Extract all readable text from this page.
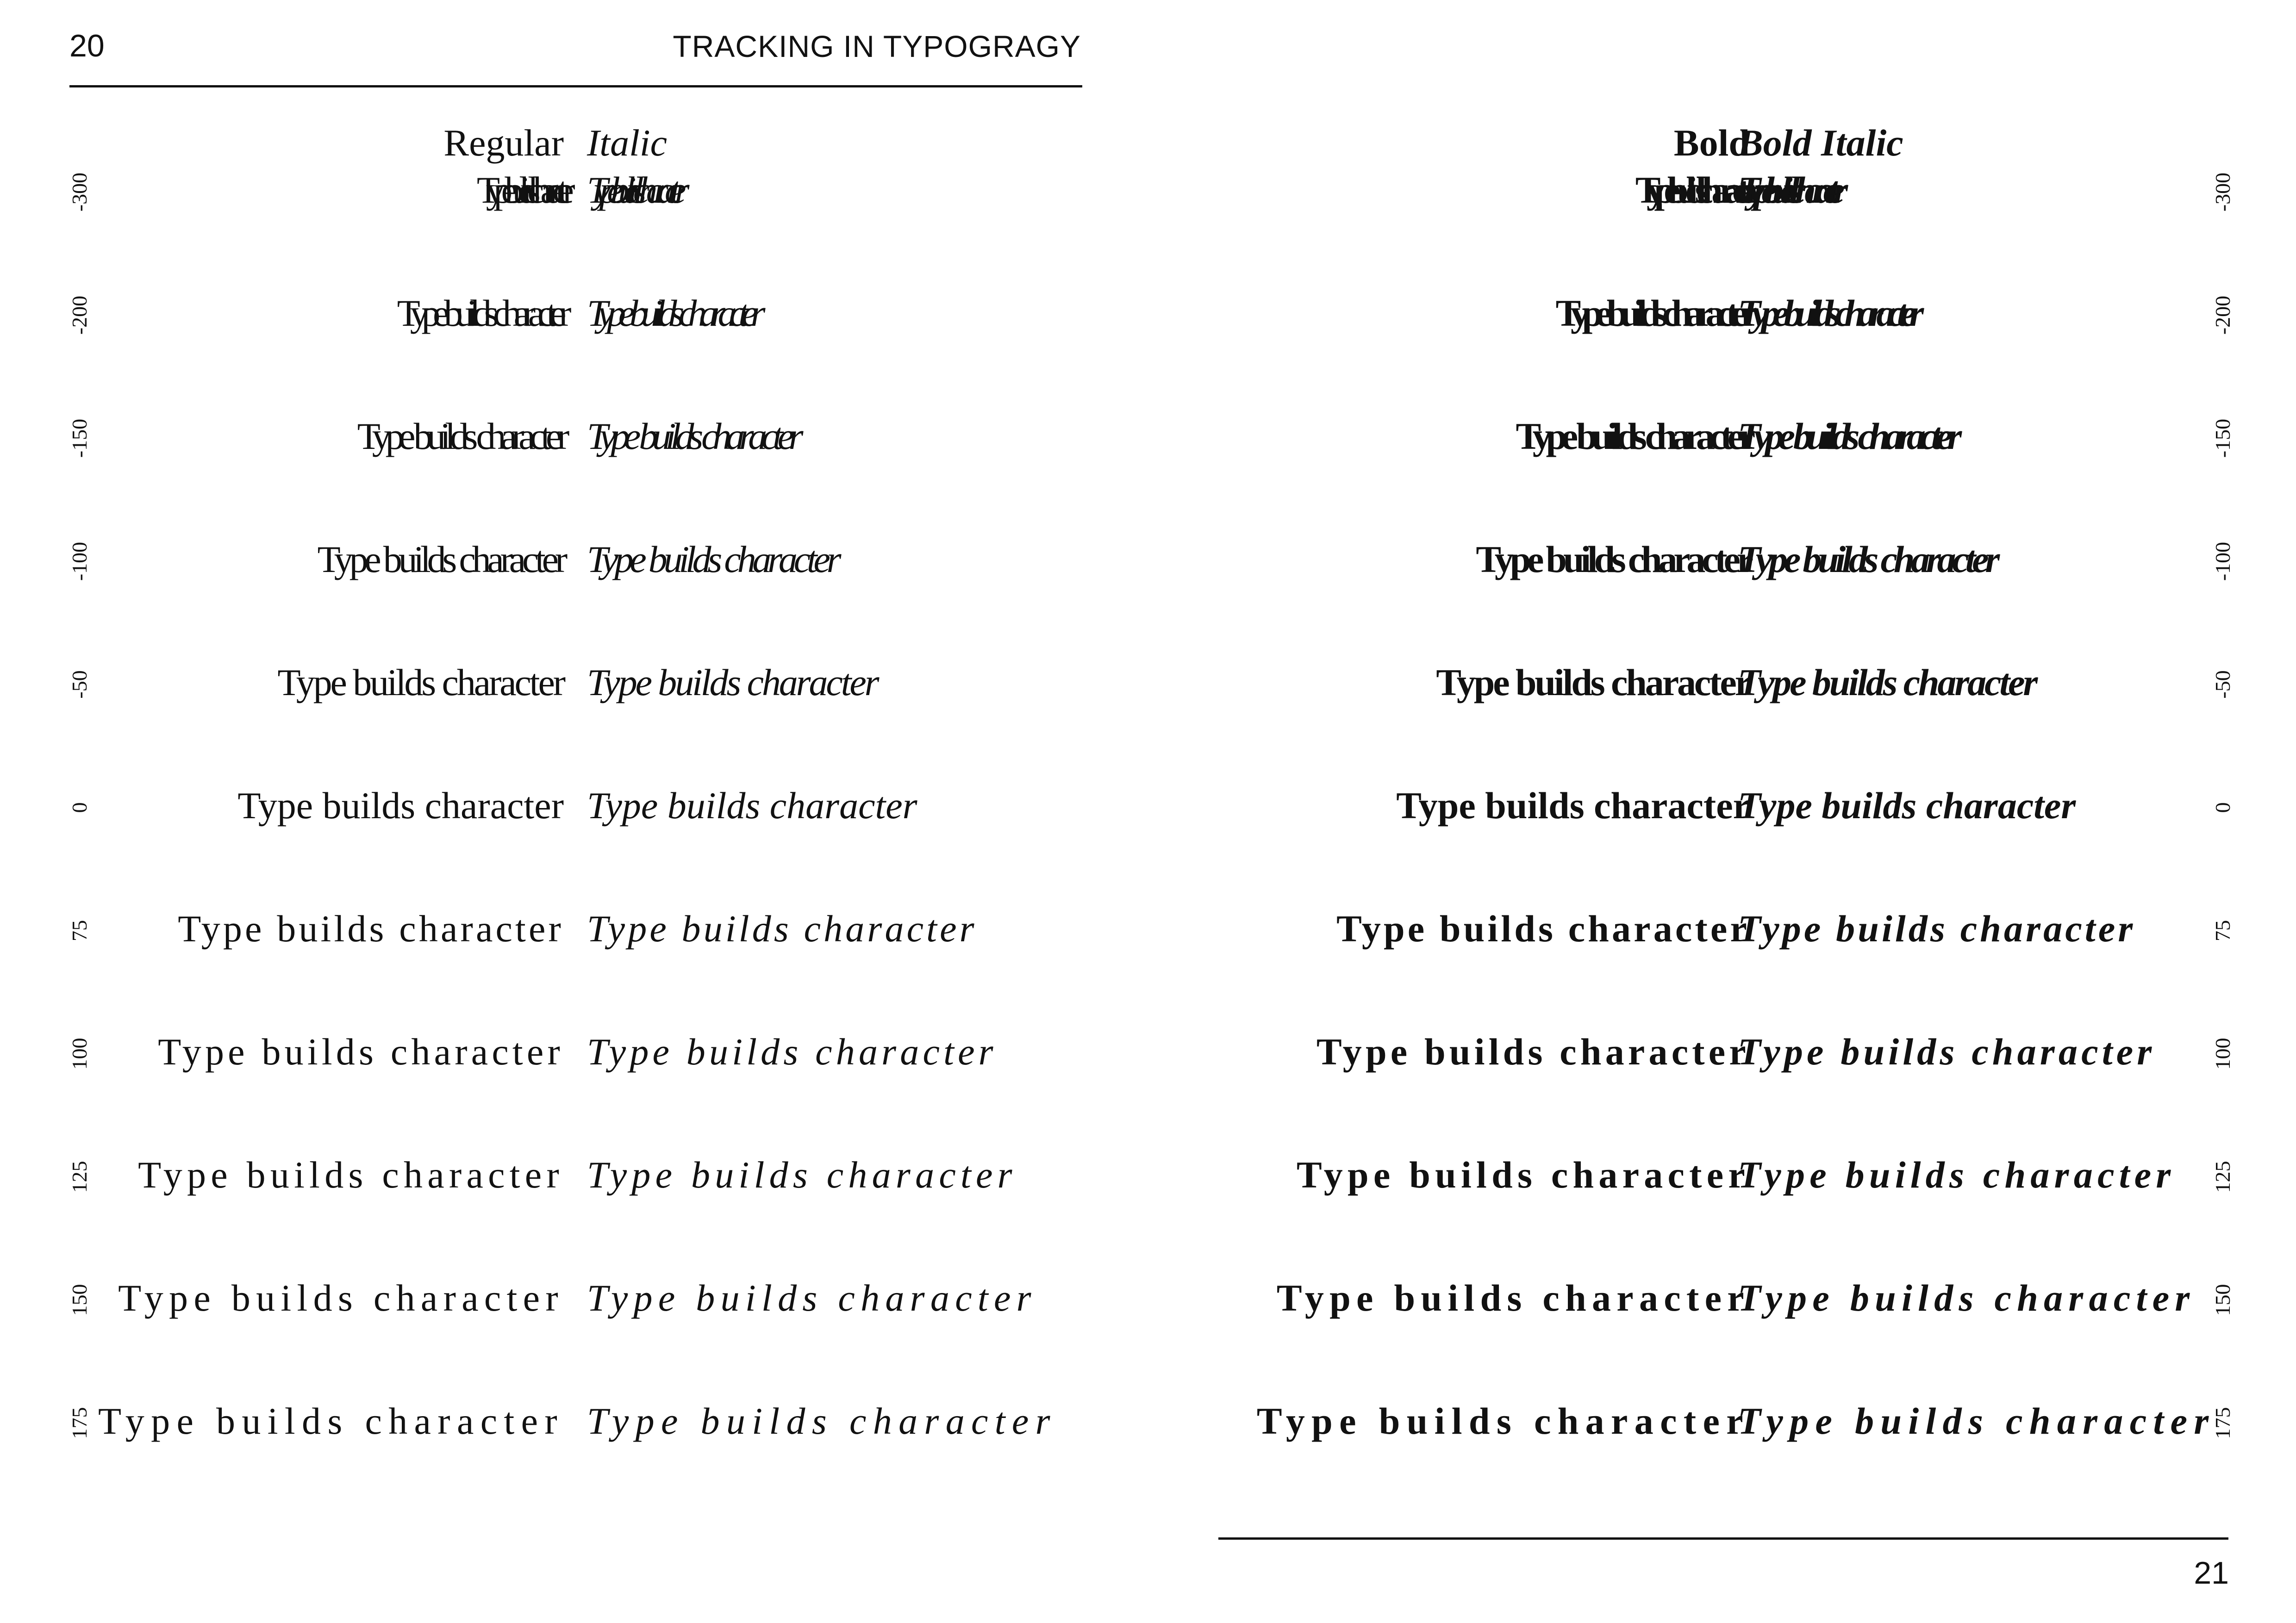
20	TRACKING IN TYPOGRAGY
Regular Italic
Type builds character Type builds character
Type builds character Type builds character
Type builds character Type builds character
Type builds character Type builds character
Type builds character Type builds character
Type builds character Type builds character
Type builds character Type builds character
Type builds character Type builds character
Type builds character Type builds character
Type builds character Type builds character
Type builds character Type builds character
-300
-200
-150
-100
-50
0
75
100
125
150
175
Bold
Bold Italic
Type builds character
Type builds character
Type builds character
Type builds character
Type builds character
Type builds character
Type builds character
Type builds character
Type builds character
Type builds character
Type builds character
Type builds character
Type builds character
Type builds character
Type builds character
Type builds character
Type builds character
Type builds character
Type builds character
Type builds character
Type builds character
Type builds character
-300
-200
-150
-100
-50
0
75
100
125
150
175
21
